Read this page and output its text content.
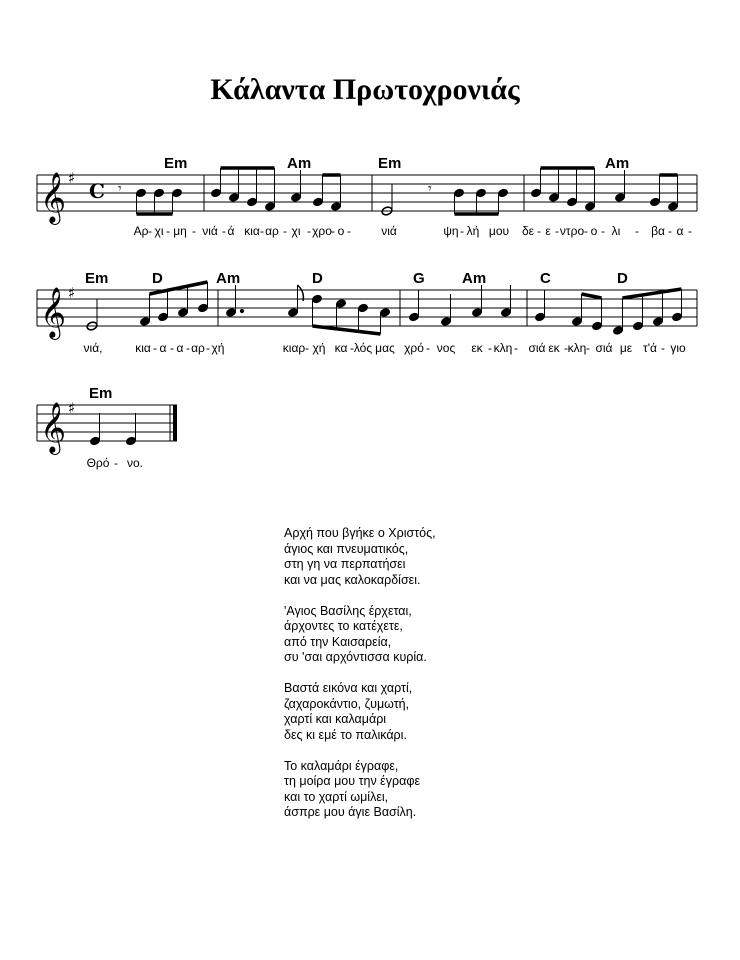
Κάλαντα Πρωτοχρονιάς
𝄞 ♯
C
Em	Am	Em	Am
𝄾	𝄾
Αρ - χι - μη - νιά - ά κια - αρ - χι - χρο - ο -	νιά	ψη - λή μου δε - ε - ντρο - ο - λι - βα - α -
𝄞 ♯
Em	D	Am	D	G Am	C	D
νιά,	κια - α - α - αρ - χή	κιαρ - χή κα - λός μας χρό - νος εκ - κλη - σιά εκ - κλη - σιά με τ'ά - γιο
𝄞 ♯
Em
Θρό - νο.
Αρχή που βγήκε ο Χριστός,
άγιος και πνευματικός,
στη γη να περπατήσει
και να μας καλοκαρδίσει.
'Αγιος Βασίλης έρχεται,
άρχοντες το κατέχετε,
από την Καισαρεία,
συ 'σαι αρχόντισσα κυρία.
Βαστά εικόνα και χαρτί,
ζαχαροκάντιο, ζυμωτή,
χαρτί και καλαμάρι
δες κι εμέ το παλικάρι.
Το καλαμάρι έγραφε,
τη μοίρα μου την έγραφε
και το χαρτί ωμίλει,
άσπρε μου άγιε Βασίλη.
